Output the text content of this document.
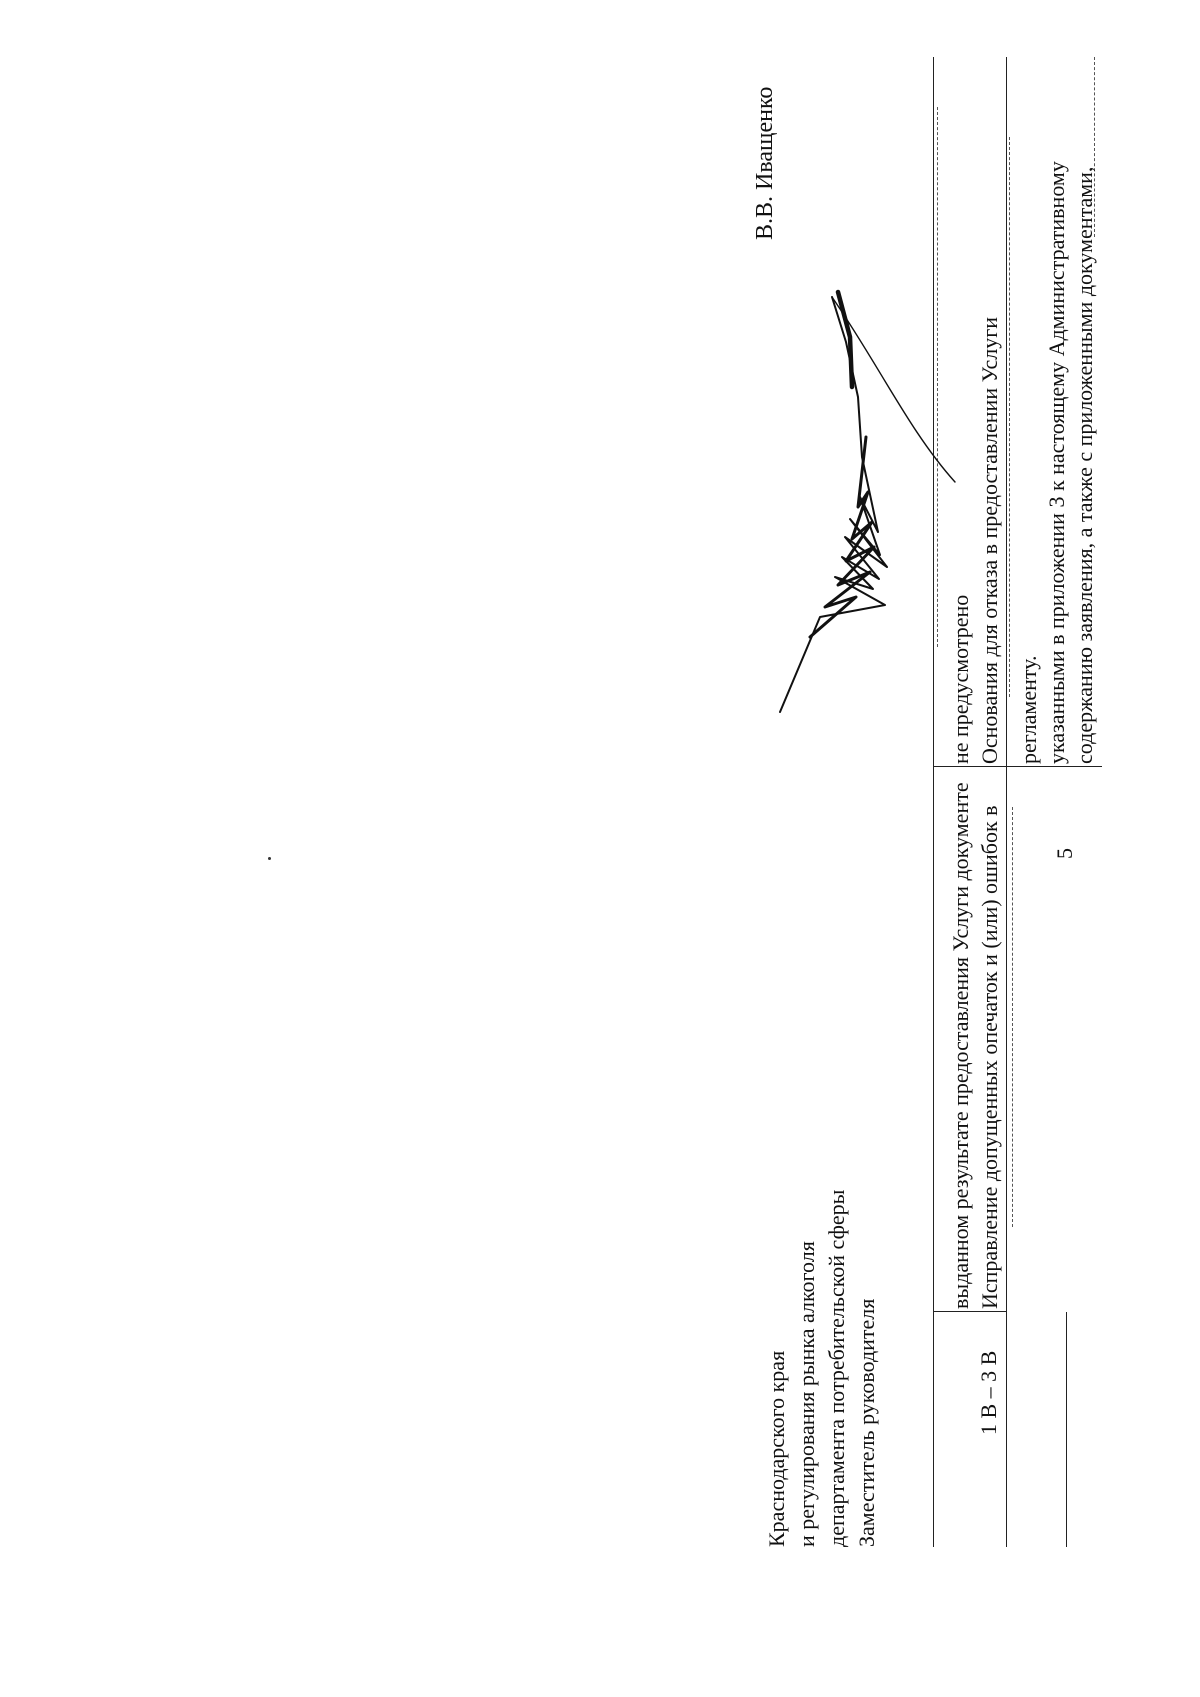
5
содержанию заявления, а также с приложенными документами,
указанными в приложении 3 к настоящему Административному
регламенту.
1 В – 3 В
Исправление допущенных опечаток и (или) ошибок в
выданном результате предоставления Услуги документе
Основания для отказа в предоставлении Услуги
не предусмотрено
Заместитель руководителя
департамента потребительской сферы
и регулирования рынка алкоголя
Краснодарского края
В.В. Иващенко
